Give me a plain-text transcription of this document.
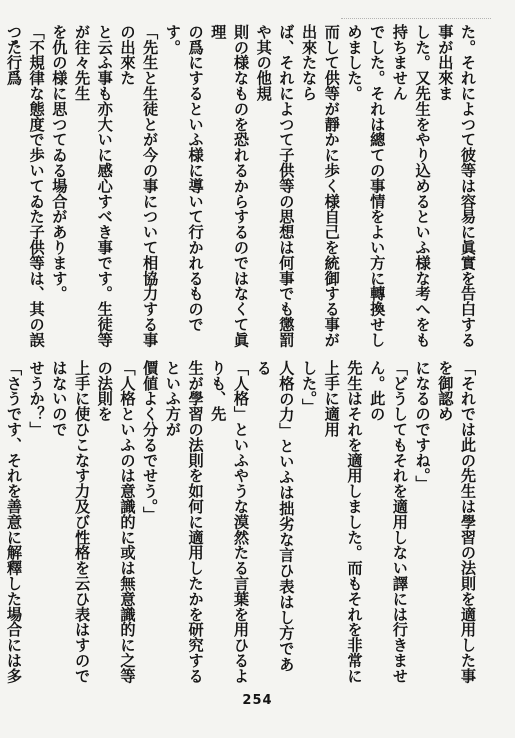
た。それによつて彼等は容易に眞實を告白する事が出來ま

した。又先生をやり込めるといふ様な考へをも持ちません

でした。それは總ての事情をよい方に轉換せしめました。

而して供等が靜かに歩く様自己を統御する事が出來たなら

ば、それによつて子供等の思想は何事でも懲罰や其の他規

則の様なものを恐れるからするのではなくて眞理

の爲にするといふ様に導いて行かれるものです。

「先生と生徒とが今の事について相協力する事の出來た

と云ふ事も亦大いに感心すべき事です。生徒等が往々先生

を仇の様に思つてゐる場合があります。

「不規律な態度で歩いてゐた子供等は、其の誤つた行爲

「それでは此の先生は學習の法則を適用した事を御認め

になるのですね。」

「どうしてもそれを適用しない譯には行きません。此の

先生はそれを適用しました。而もそれを非常に上手に適用

した。」

人格の力」といふは拙劣な言ひ表はし方である

「人格」といふやうな漠然たる言葉を用ひるよりも、先

生が學習の法則を如何に適用したかを研究するといふ方が

價値よく分るでせう。」

「人格といふのは意識的に或は無意識的に之等の法則を

上手に使ひこなす力及び性格を云ひ表はすのではないので

せうか？」

「さうです、それを善意に解釋した場合には多

254
